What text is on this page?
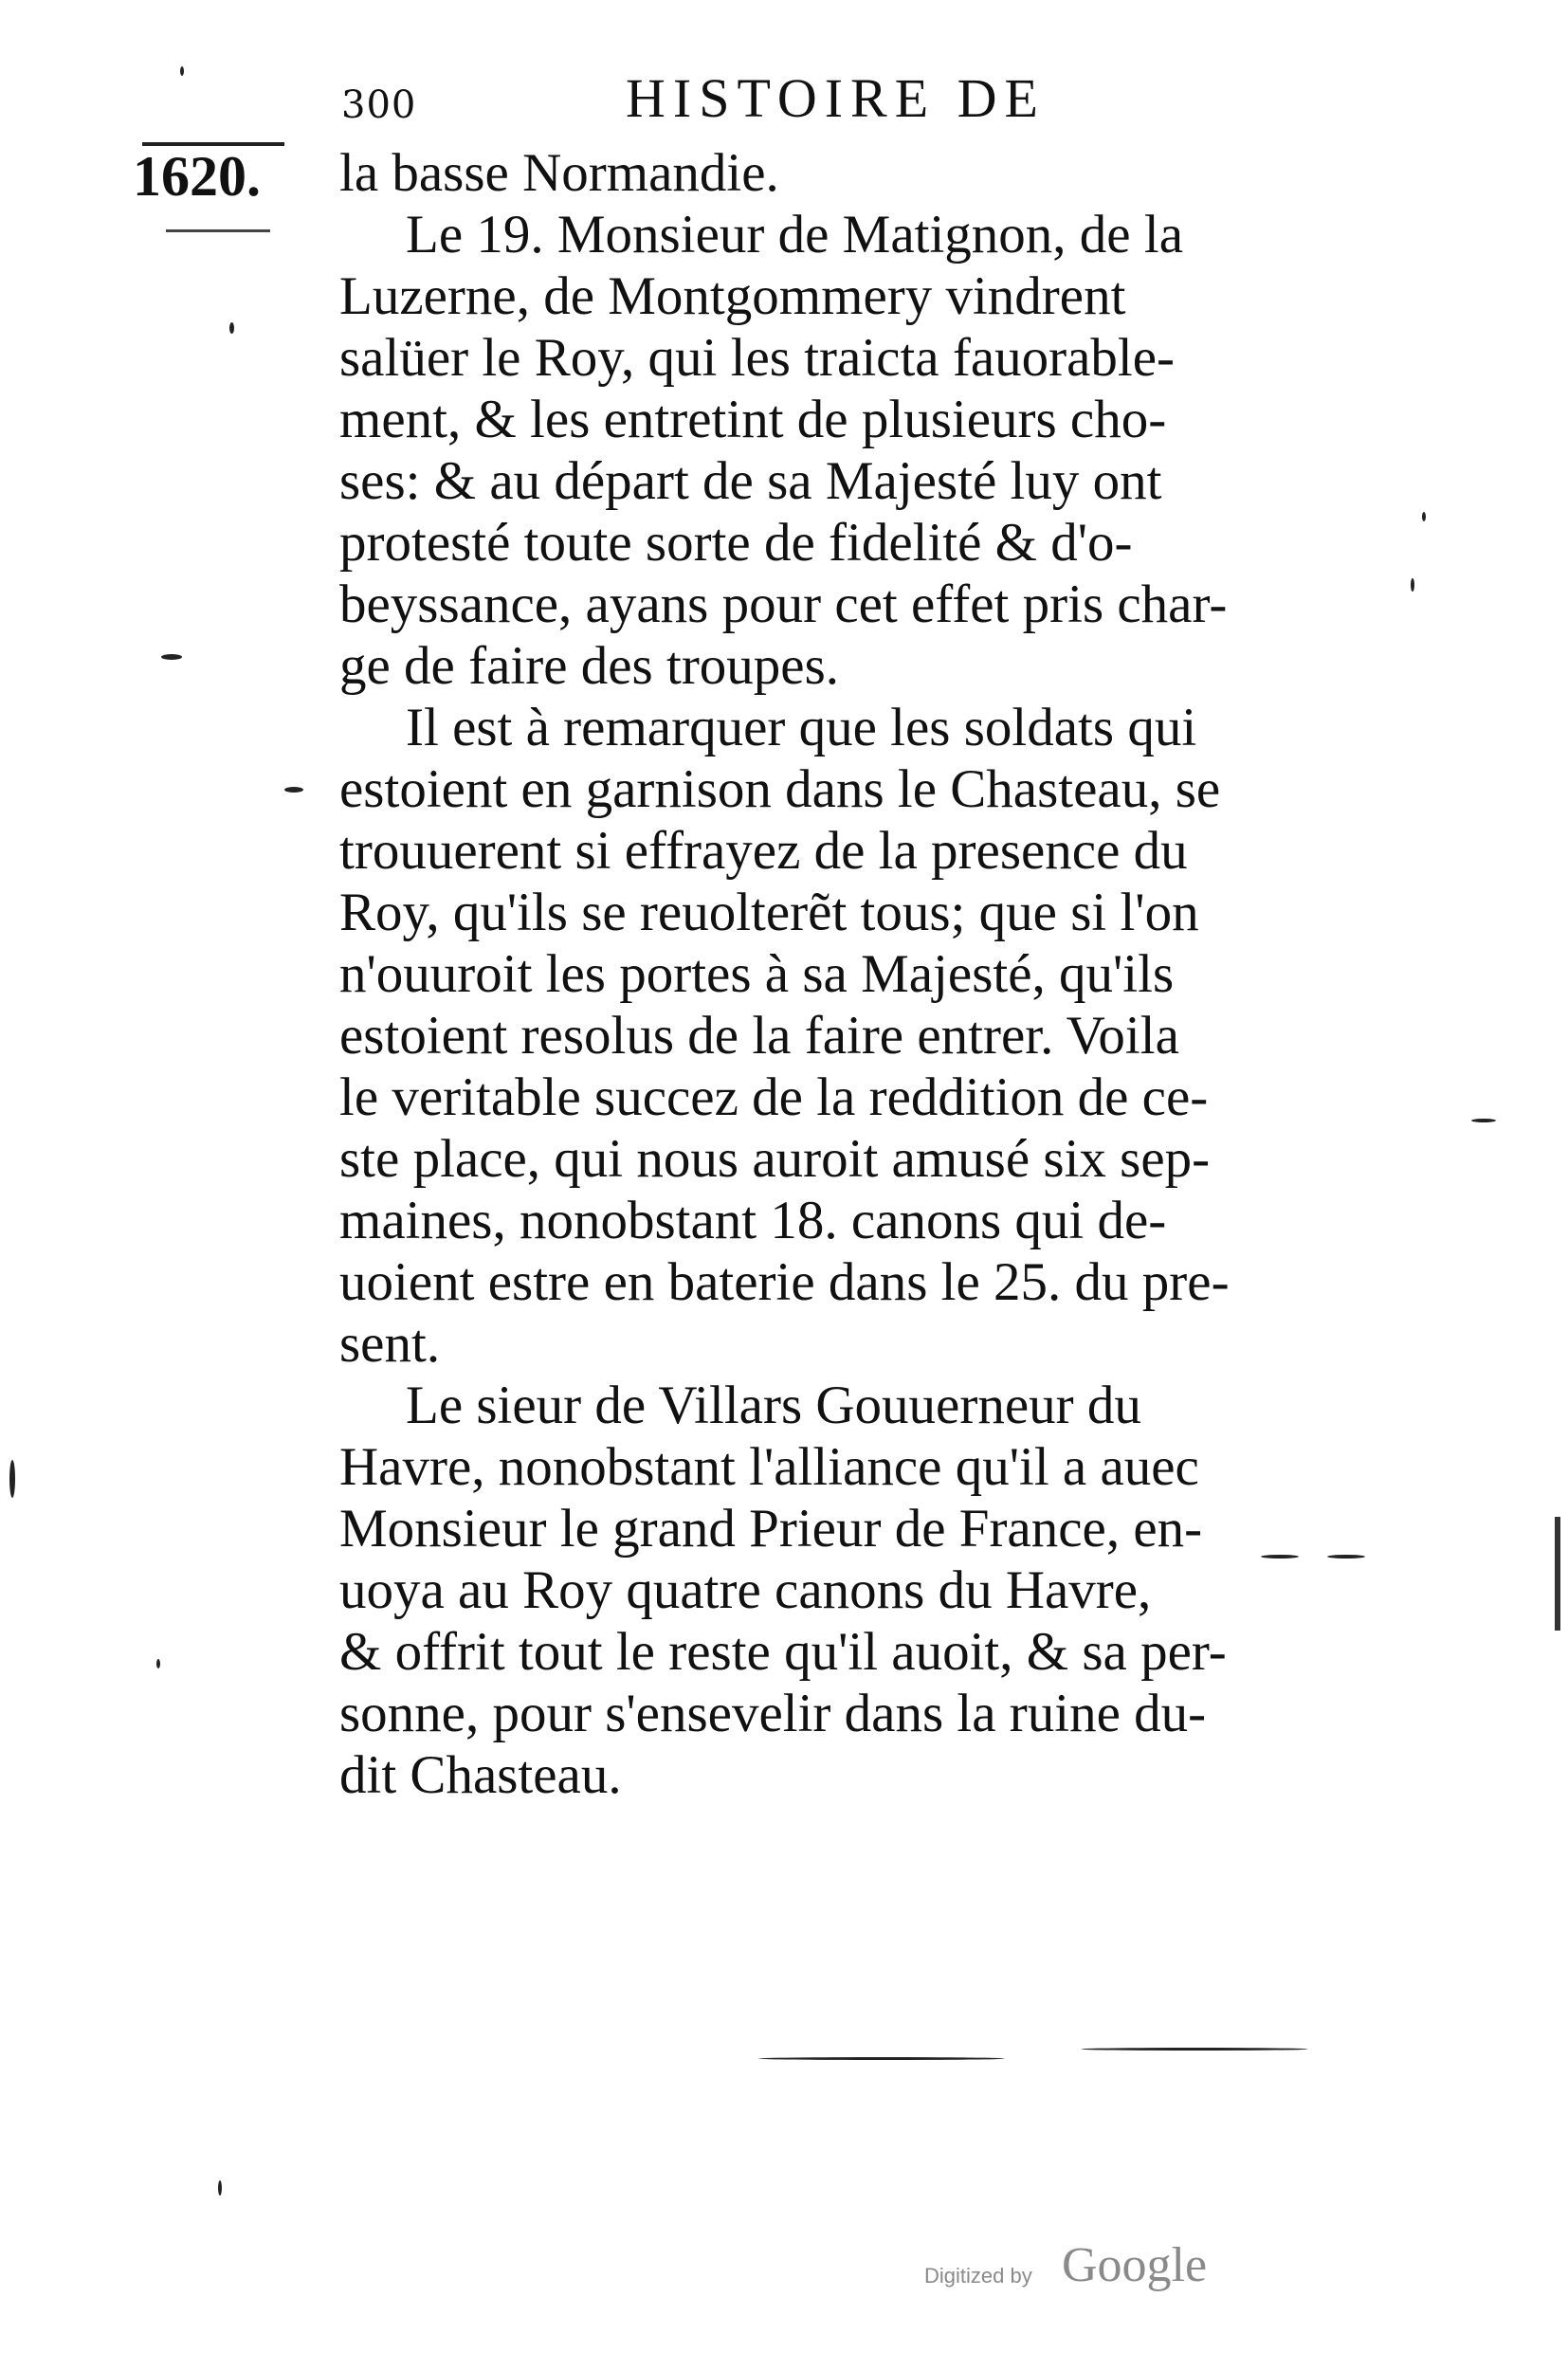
300	HISTOIRE DE
1620. la basse Normandie.
Le 19. Monsieur de Matignon, de la
Luzerne, de Montgommery vindrent
salüer le Roy, qui les traicta fauorable-
ment, & les entretint de plusieurs cho-
ses: & au départ de sa Majesté luy ont
protesté toute sorte de fidelité & d'o-
beyssance, ayans pour cet effet pris char-
ge de faire des troupes.
Il est à remarquer que les soldats qui
estoient en garnison dans le Chasteau, se
trouuerent si effrayez de la presence du
Roy, qu'ils se reuolterẽt tous; que si l'on
n'ouuroit les portes à sa Majesté, qu'ils
estoient resolus de la faire entrer. Voila
le veritable succez de la reddition de ce-
ste place, qui nous auroit amusé six sep-
maines, nonobstant 18. canons qui de-
uoient estre en baterie dans le 25. du pre-
sent.
Le sieur de Villars Gouuerneur du
Havre, nonobstant l'alliance qu'il a auec
Monsieur le grand Prieur de France, en-
uoya au Roy quatre canons du Havre,
& offrit tout le reste qu'il auoit, & sa per-
sonne, pour s'ensevelir dans la ruine du-
dit Chasteau.
Digitized by Google
